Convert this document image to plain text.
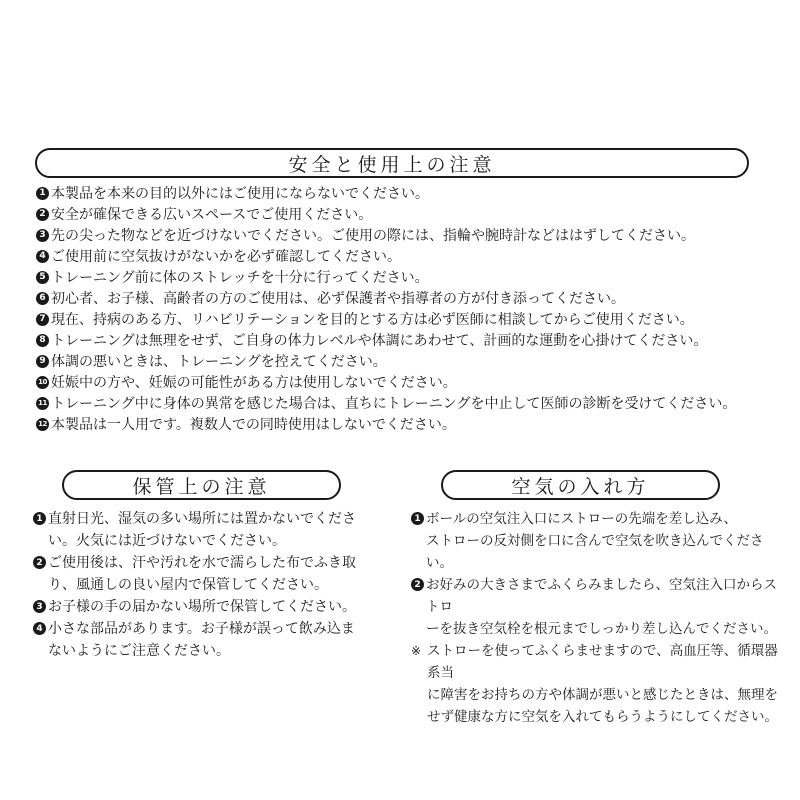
安全と使用上の注意
1 本製品を本来の目的以外にはご使用にならないでください。
2 安全が確保できる広いスペースでご使用ください。
3 先の尖った物などを近づけないでください。ご使用の際には、指輪や腕時計などははずしてください。
4 ご使用前に空気抜けがないかを必ず確認してください。
5 トレーニング前に体のストレッチを十分に行ってください。
6 初心者、お子様、高齢者の方のご使用は、必ず保護者や指導者の方が付き添ってください。
7 現在、持病のある方、リハビリテーションを目的とする方は必ず医師に相談してからご使用ください。
8 トレーニングは無理をせず、ご自身の体力レベルや体調にあわせて、計画的な運動を心掛けてください。
9 体調の悪いときは、トレーニングを控えてください。
10 妊娠中の方や、妊娠の可能性がある方は使用しないでください。
11 トレーニング中に身体の異常を感じた場合は、直ちにトレーニングを中止して医師の診断を受けてください。
12 本製品は一人用です。複数人での同時使用はしないでください。
保管上の注意
1 直射日光、湿気の多い場所には置かないでくださ
い。火気には近づけないでください。
2 ご使用後は、汗や汚れを水で濡らした布でふき取
り、風通しの良い屋内で保管してください。
3 お子様の手の届かない場所で保管してください。
4 小さな部品があります。お子様が誤って飲み込ま
ないようにご注意ください。
空気の入れ方
1 ボールの空気注入口にストローの先端を差し込み、
ストローの反対側を口に含んで空気を吹き込んでください。
2 お好みの大きさまでふくらみましたら、空気注入口からストロ
ーを抜き空気栓を根元までしっかり差し込んでください。
※ ストローを使ってふくらませますので、高血圧等、循環器系当
に障害をお持ちの方や体調が悪いと感じたときは、無理を
せず健康な方に空気を入れてもらうようにしてください。
